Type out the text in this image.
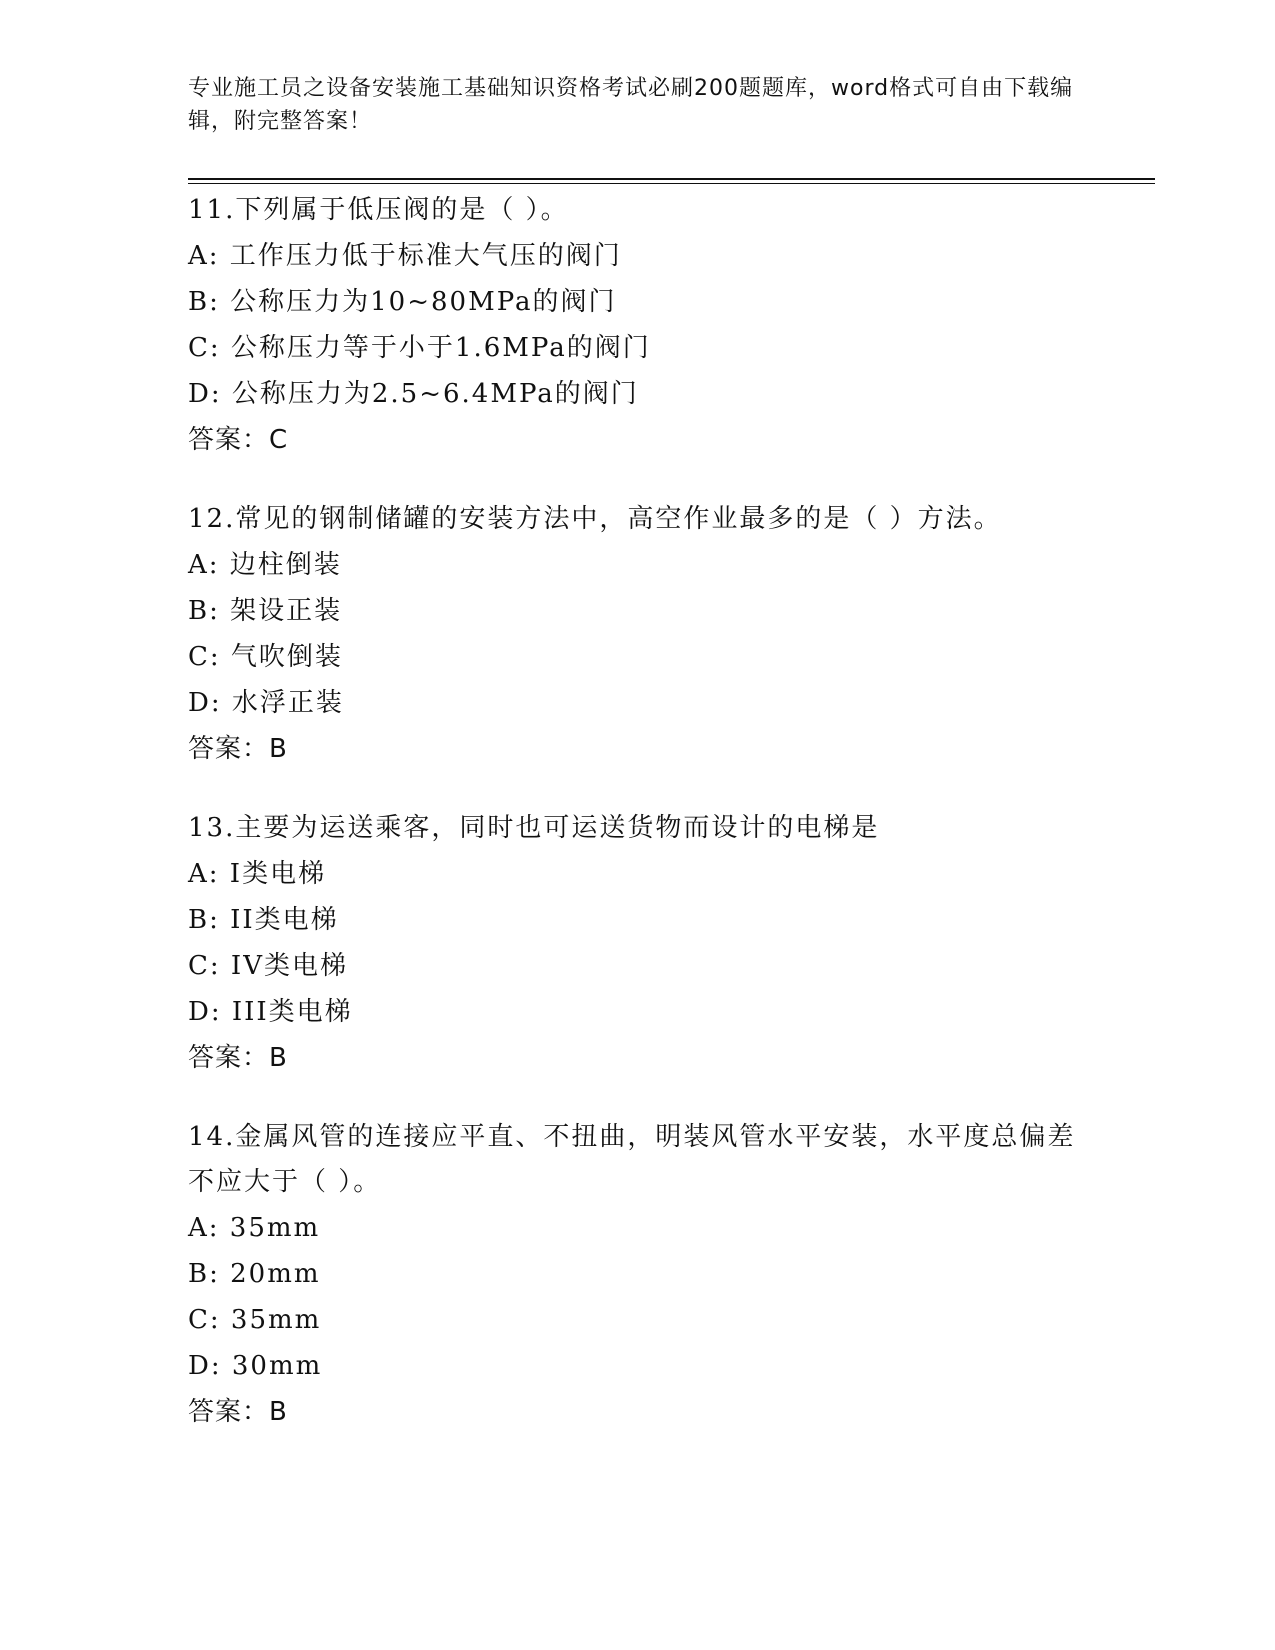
专业施工员之设备安装施工基础知识资格考试必刷200题题库，word格式可自由下载编辑，附完整答案！
11.下列属于低压阀的是（ ）。
A: 工作压力低于标准大气压的阀门
B: 公称压力为10~80MPa的阀门
C: 公称压力等于小于1.6MPa的阀门
D: 公称压力为2.5~6.4MPa的阀门
答案：C
12.常见的钢制储罐的安装方法中，高空作业最多的是（ ）方法。
A: 边柱倒装
B: 架设正装
C: 气吹倒装
D: 水浮正装
答案：B
13.主要为运送乘客，同时也可运送货物而设计的电梯是
A: I类电梯
B: II类电梯
C: IV类电梯
D: III类电梯
答案：B
14.金属风管的连接应平直、不扭曲，明装风管水平安装，水平度总偏差不应大于（ ）。
A: 35mm
B: 20mm
C: 35mm
D: 30mm
答案：B
